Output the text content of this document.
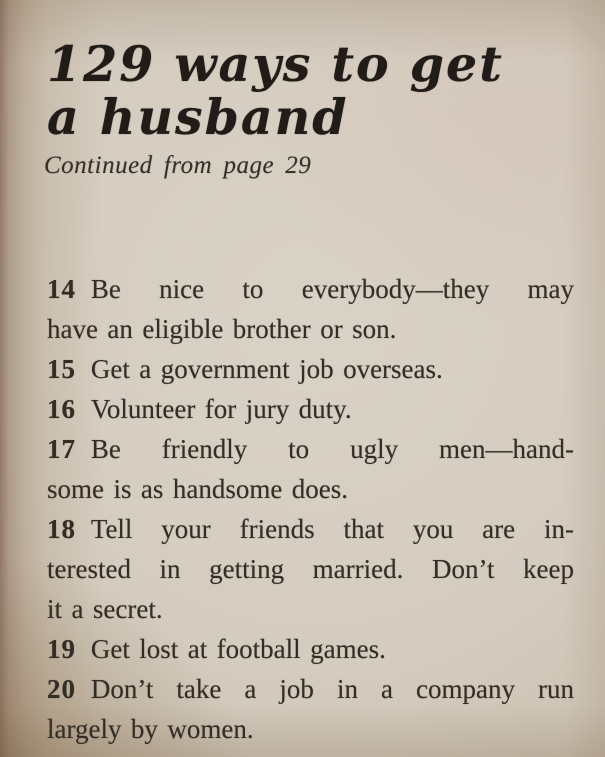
129 ways to get
a husband

Continued from page 29

14 Be nice to everybody—they may
have an eligible brother or son.
15 Get a government job overseas.
16 Volunteer for jury duty.
17 Be friendly to ugly men—hand-
some is as handsome does.
18 Tell your friends that you are in-
terested in getting married. Don’t keep
it a secret.
19 Get lost at football games.
20 Don’t take a job in a company run
largely by women.
